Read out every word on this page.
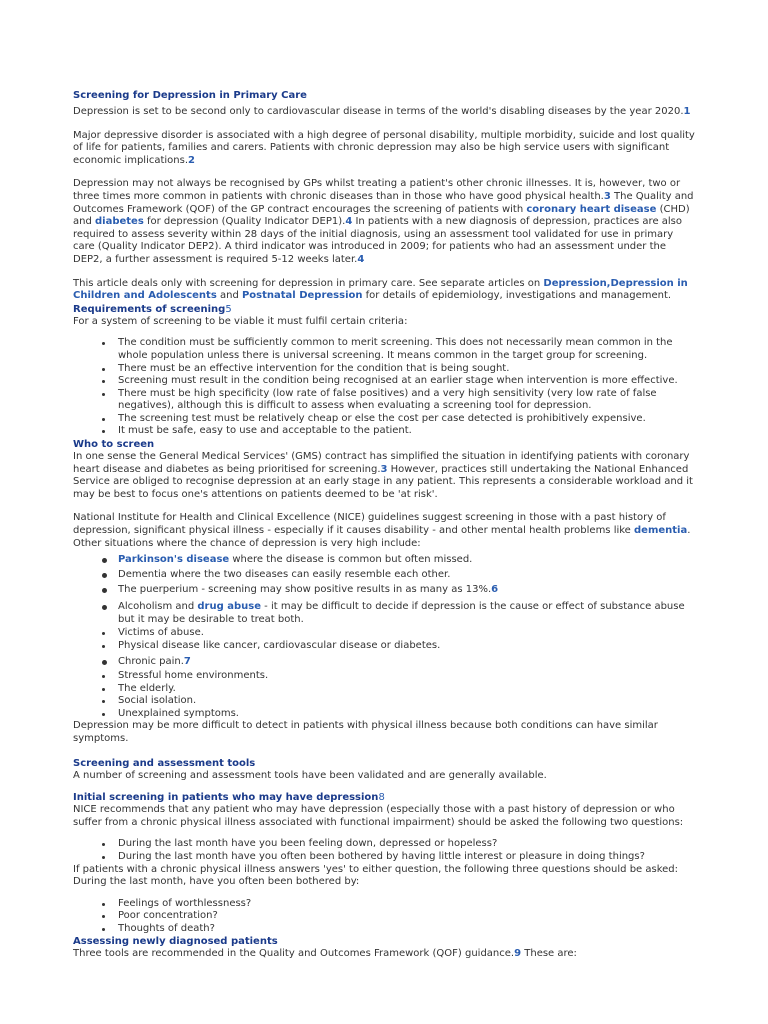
Screening for Depression in Primary Care

Depression is set to be second only to cardiovascular disease in terms of the world's disabling diseases by the year 2020.1

Major depressive disorder is associated with a high degree of personal disability, multiple morbidity, suicide and lost quality of life for patients, families and carers. Patients with chronic depression may also be high service users with significant economic implications.2

Depression may not always be recognised by GPs whilst treating a patient's other chronic illnesses. It is, however, two or three times more common in patients with chronic diseases than in those who have good physical health.3 The Quality and Outcomes Framework (QOF) of the GP contract encourages the screening of patients with coronary heart disease (CHD) and diabetes for depression (Quality Indicator DEP1).4 In patients with a new diagnosis of depression, practices are also required to assess severity within 28 days of the initial diagnosis, using an assessment tool validated for use in primary care (Quality Indicator DEP2). A third indicator was introduced in 2009; for patients who had an assessment under the DEP2, a further assessment is required 5-12 weeks later.4

This article deals only with screening for depression in primary care. See separate articles on Depression,Depression in Children and Adolescents and Postnatal Depression for details of epidemiology, investigations and management.

Requirements of screening5

For a system of screening to be viable it must fulfil certain criteria:

The condition must be sufficiently common to merit screening. This does not necessarily mean common in the whole population unless there is universal screening. It means common in the target group for screening.
There must be an effective intervention for the condition that is being sought.
Screening must result in the condition being recognised at an earlier stage when intervention is more effective.
There must be high specificity (low rate of false positives) and a very high sensitivity (very low rate of false negatives), although this is difficult to assess when evaluating a screening tool for depression.
The screening test must be relatively cheap or else the cost per case detected is prohibitively expensive.
It must be safe, easy to use and acceptable to the patient.
Who to screen

In one sense the General Medical Services' (GMS) contract has simplified the situation in identifying patients with coronary heart disease and diabetes as being prioritised for screening.3 However, practices still undertaking the National Enhanced Service are obliged to recognise depression at an early stage in any patient. This represents a considerable workload and it may be best to focus one's attentions on patients deemed to be 'at risk'.

National Institute for Health and Clinical Excellence (NICE) guidelines suggest screening in those with a past history of depression, significant physical illness - especially if it causes disability - and other mental health problems like dementia. Other situations where the chance of depression is very high include:

Parkinson's disease where the disease is common but often missed.
Dementia where the two diseases can easily resemble each other.
The puerperium - screening may show positive results in as many as 13%.6
Alcoholism and drug abuse - it may be difficult to decide if depression is the cause or effect of substance abuse but it may be desirable to treat both.
Victims of abuse.
Physical disease like cancer, cardiovascular disease or diabetes.
Chronic pain.7
Stressful home environments.
The elderly.
Social isolation.
Unexplained symptoms.

Depression may be more difficult to detect in patients with physical illness because both conditions can have similar symptoms.

Screening and assessment tools

A number of screening and assessment tools have been validated and are generally available.

Initial screening in patients who may have depression8

NICE recommends that any patient who may have depression (especially those with a past history of depression or who suffer from a chronic physical illness associated with functional impairment) should be asked the following two questions:

During the last month have you been feeling down, depressed or hopeless?
During the last month have you often been bothered by having little interest or pleasure in doing things?

If patients with a chronic physical illness answers 'yes' to either question, the following three questions should be asked: During the last month, have you often been bothered by:

Feelings of worthlessness?
Poor concentration?
Thoughts of death?
Assessing newly diagnosed patients

Three tools are recommended in the Quality and Outcomes Framework (QOF) guidance.9 These are:
